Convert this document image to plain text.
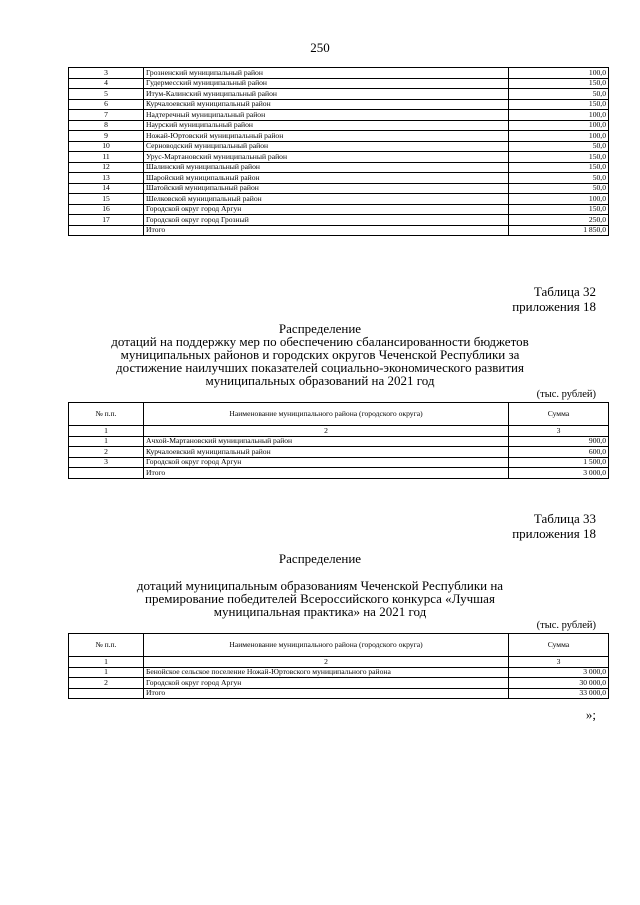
250
3	Грозненский муниципальный район	100,0
4	Гудермесский муниципальный район	150,0
5	Итум-Калинский муниципальный район	50,0
6	Курчалоевский муниципальный район	150,0
7	Надтеречный муниципальный район	100,0
8	Наурский муниципальный район	100,0
9	Ножай-Юртовский муниципальный район	100,0
10	Серноводский муниципальный район	50,0
11	Урус-Мартановский муниципальный район	150,0
12	Шалинский муниципальный район	150,0
13	Шаройский муниципальный район	50,0
14	Шатойский муниципальный район	50,0
15	Шелковской муниципальный район	100,0
16	Городской округ город Аргун	150,0
17	Городской округ город Грозный	250,0
	Итого	1 850,0
Таблица 32
приложения 18
Распределение
дотаций на поддержку мер по обеспечению сбалансированности бюджетов
муниципальных районов и городских округов Чеченской Республики за
достижение наилучших показателей социально-экономического развития
муниципальных образований на 2021 год
(тыс. рублей)
№ п.п.	Наименование муниципального района (городского округа)	Сумма
1	2	3
1	Ачхой-Мартановский муниципальный район	900,0
2	Курчалоевский муниципальный район	600,0
3	Городской округ город Аргун	1 500,0
	Итого	3 000,0
Таблица 33
приложения 18
Распределение
дотаций муниципальным образованиям Чеченской Республики на
премирование победителей Всероссийского конкурса «Лучшая
муниципальная практика» на 2021 год
(тыс. рублей)
№ п.п.	Наименование муниципального района (городского округа)	Сумма
1	2	3
1	Бенойское сельское поселение Ножай-Юртовского муниципального района	3 000,0
2	Городской округ город Аргун	30 000,0
	Итого	33 000,0
»;
